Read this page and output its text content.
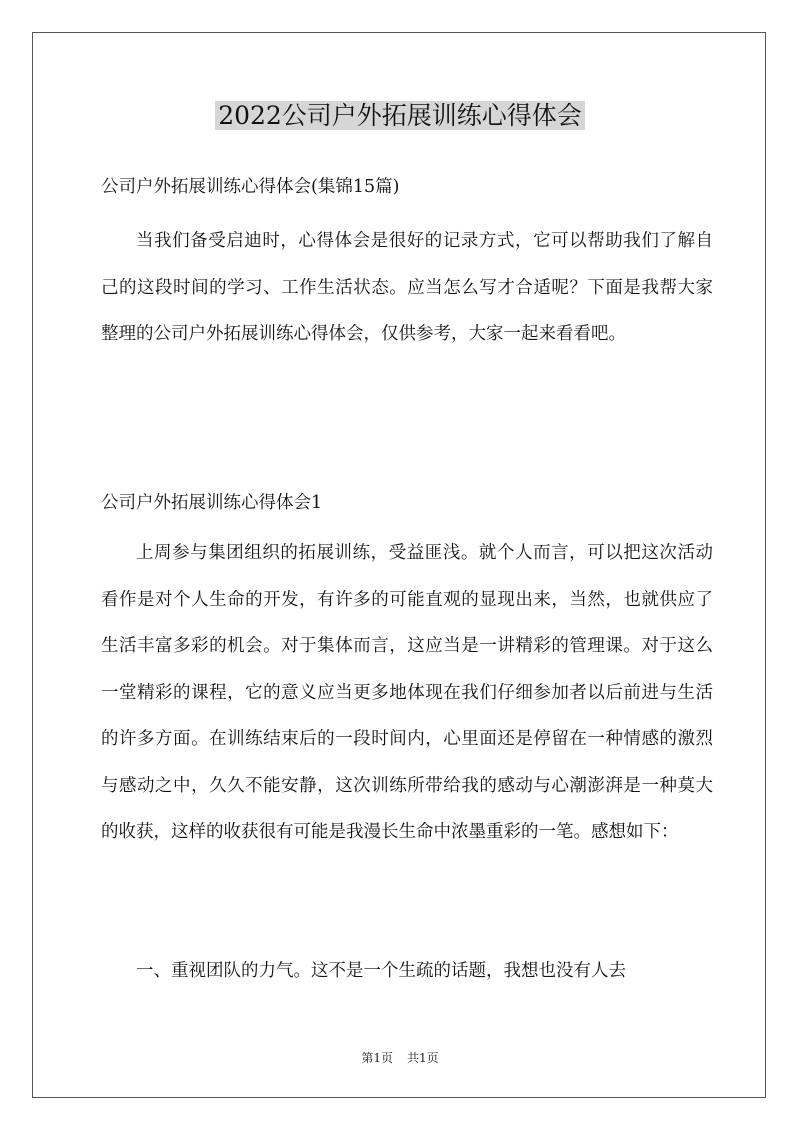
2022公司户外拓展训练心得体会
公司户外拓展训练心得体会(集锦15篇)

当我们备受启迪时，心得体会是很好的记录方式，它可以帮助我们了解自己的这段时间的学习、工作生活状态。应当怎么写才合适呢？下面是我帮大家整理的公司户外拓展训练心得体会，仅供参考，大家一起来看看吧。

公司户外拓展训练心得体会1

上周参与集团组织的拓展训练，受益匪浅。就个人而言，可以把这次活动看作是对个人生命的开发，有许多的可能直观的显现出来，当然，也就供应了生活丰富多彩的机会。对于集体而言，这应当是一讲精彩的管理课。对于这么一堂精彩的课程，它的意义应当更多地体现在我们仔细参加者以后前进与生活的许多方面。在训练结束后的一段时间内，心里面还是停留在一种情感的激烈与感动之中，久久不能安静，这次训练所带给我的感动与心潮澎湃是一种莫大的收获，这样的收获很有可能是我漫长生命中浓墨重彩的一笔。感想如下：

一、重视团队的力气。这不是一个生疏的话题，我想也没有人去

第1页 共1页
